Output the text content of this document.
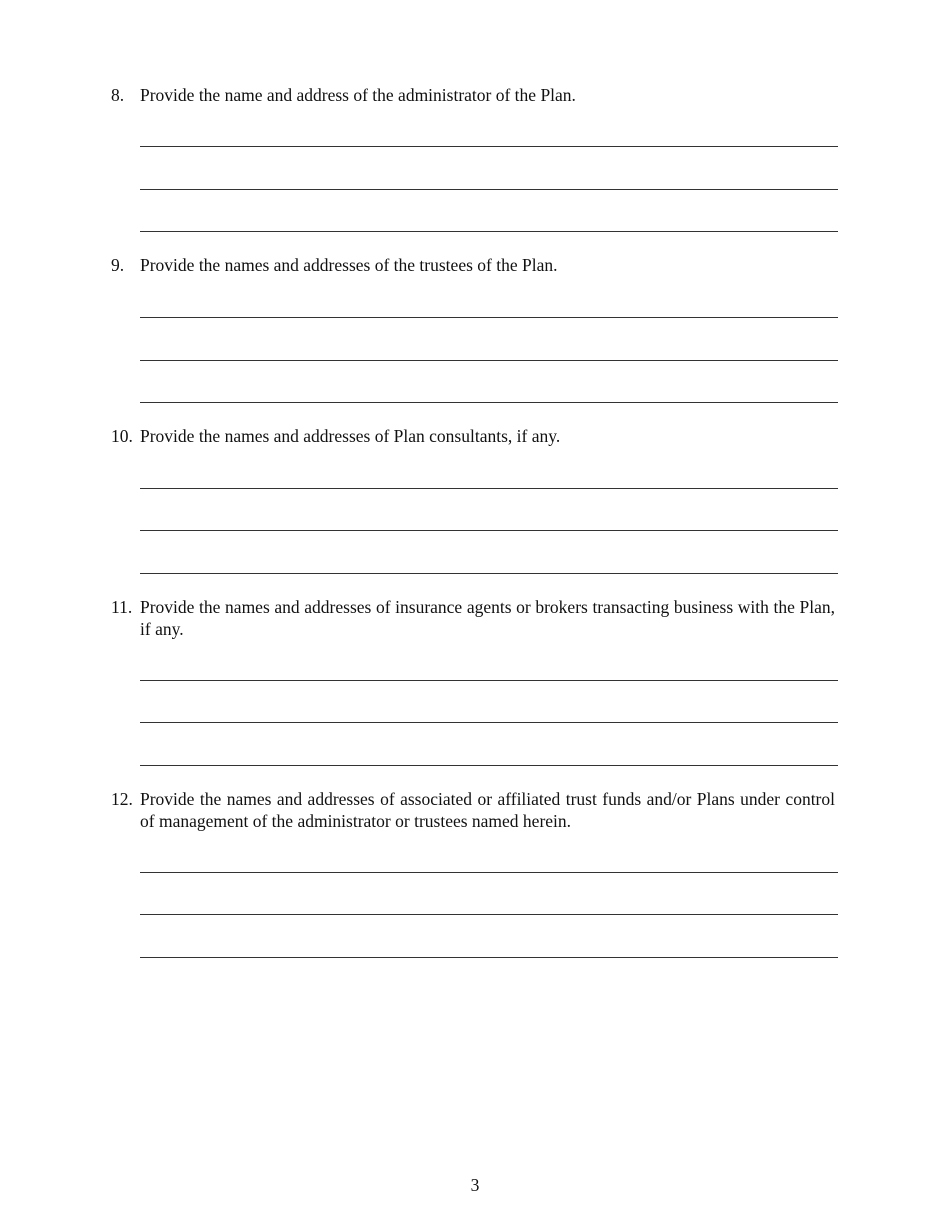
8. Provide the name and address of the administrator of the Plan.
9. Provide the names and addresses of the trustees of the Plan.
10. Provide the names and addresses of Plan consultants, if any.
11. Provide the names and addresses of insurance agents or brokers transacting business with the Plan, if any.
12. Provide the names and addresses of associated or affiliated trust funds and/or Plans under control of management of the administrator or trustees named herein.
3
